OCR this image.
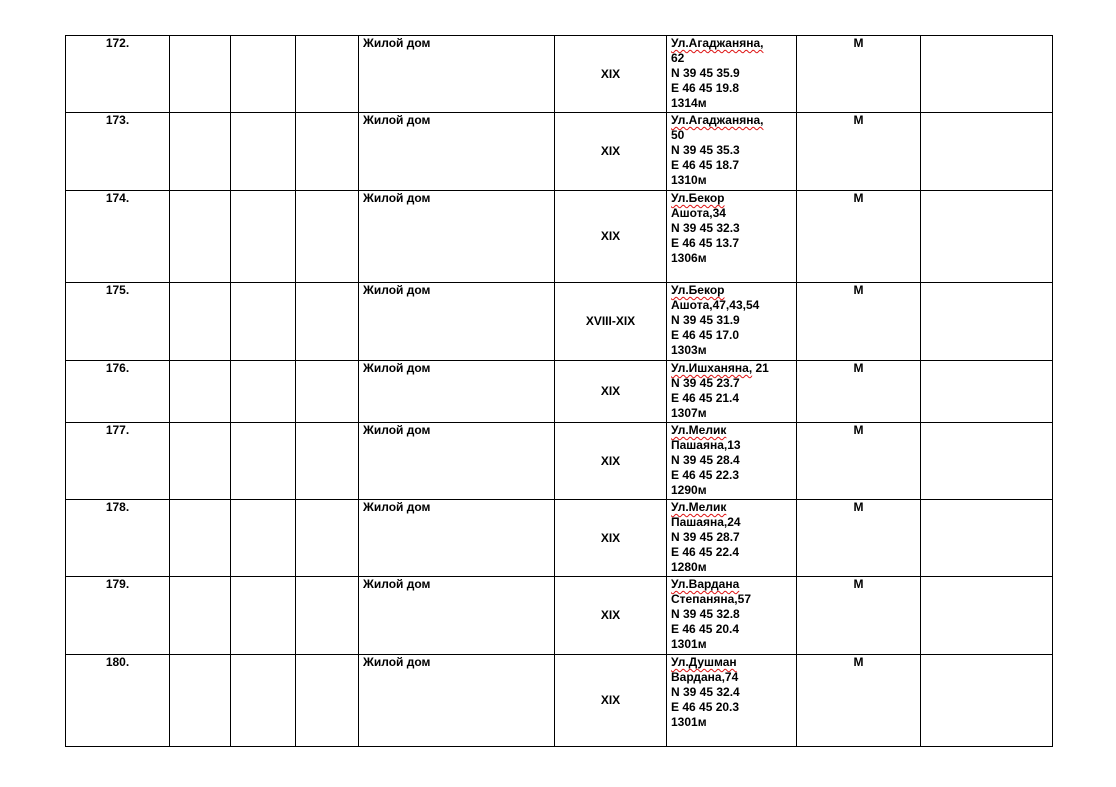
172.				Жилой дом	XIX	Ул.Агаджаняна,
62
N 39 45 35.9
E 46 45 19.8
1314м	М	
173.				Жилой дом	XIX	Ул.Агаджаняна,
50
N 39 45 35.3
E 46 45 18.7
1310м	М	
174.				Жилой дом	XIX	Ул.Бекор
Ашота,34
N 39 45 32.3
E 46 45 13.7
1306м	М	
175.				Жилой дом	XVIII-XIX	Ул.Бекор
Ашота,47,43,54
N 39 45 31.9
E 46 45 17.0
1303м	М	
176.				Жилой дом	XIX	Ул.Ишханяна, 21
N 39 45 23.7
E 46 45 21.4
1307м	М	
177.				Жилой дом	XIX	Ул.Мелик
Пашаяна,13
N 39 45 28.4
E 46 45 22.3
1290м	М	
178.				Жилой дом	XIX	Ул.Мелик
Пашаяна,24
N 39 45 28.7
E 46 45 22.4
1280м	М	
179.				Жилой дом	XIX	Ул.Вардана
Степаняна,57
N 39 45 32.8
E 46 45 20.4
1301м	М	
180.				Жилой дом	XIX	Ул.Душман
Вардана,74
N 39 45 32.4
E 46 45 20.3
1301м	М	
